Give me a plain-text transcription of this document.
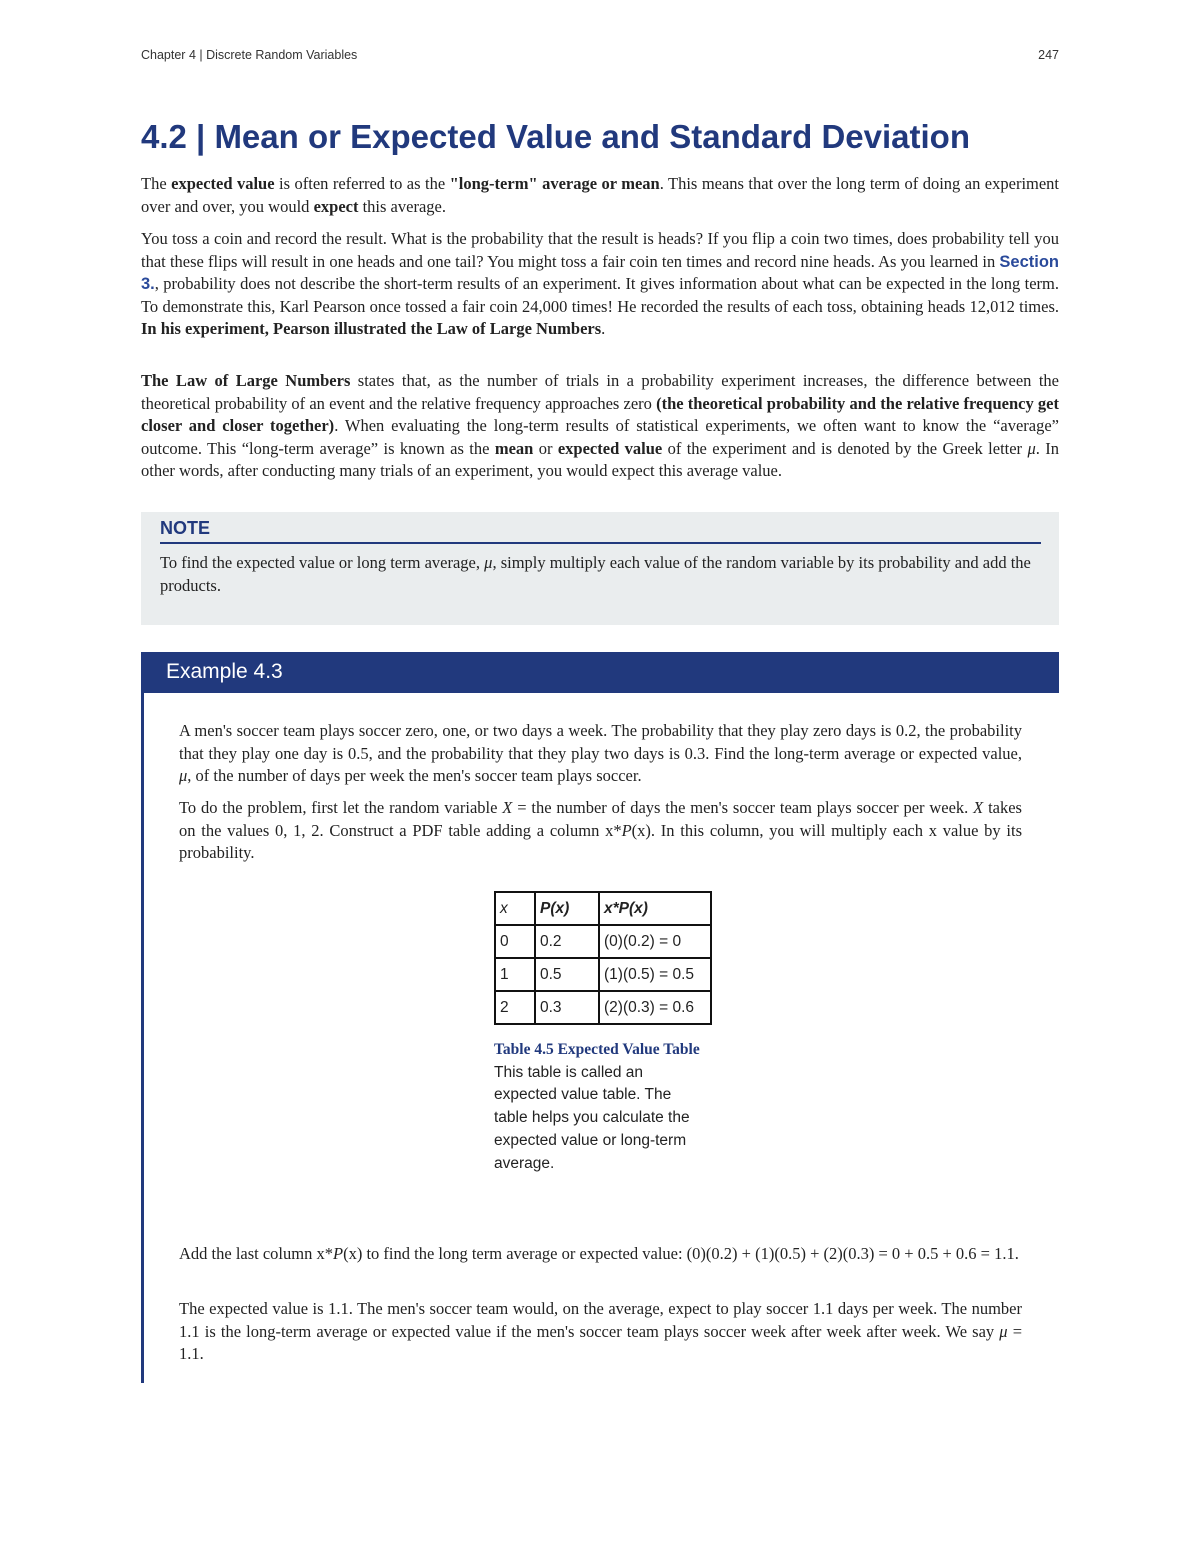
Chapter 4 | Discrete Random Variables	247
4.2 | Mean or Expected Value and Standard Deviation

The expected value is often referred to as the "long-term" average or mean. This means that over the long term of doing an experiment over and over, you would expect this average.

You toss a coin and record the result. What is the probability that the result is heads? If you flip a coin two times, does probability tell you that these flips will result in one heads and one tail? You might toss a fair coin ten times and record nine heads. As you learned in Section 3., probability does not describe the short-term results of an experiment. It gives information about what can be expected in the long term. To demonstrate this, Karl Pearson once tossed a fair coin 24,000 times! He recorded the results of each toss, obtaining heads 12,012 times. In his experiment, Pearson illustrated the Law of Large Numbers.

The Law of Large Numbers states that, as the number of trials in a probability experiment increases, the difference between the theoretical probability of an event and the relative frequency approaches zero (the theoretical probability and the relative frequency get closer and closer together). When evaluating the long-term results of statistical experiments, we often want to know the “average” outcome. This “long-term average” is known as the mean or expected value of the experiment and is denoted by the Greek letter μ. In other words, after conducting many trials of an experiment, you would expect this average value.

NOTE

To find the expected value or long term average, μ, simply multiply each value of the random variable by its probability and add the products.

Example 4.3

A men's soccer team plays soccer zero, one, or two days a week. The probability that they play zero days is 0.2, the probability that they play one day is 0.5, and the probability that they play two days is 0.3. Find the long-term average or expected value, μ, of the number of days per week the men's soccer team plays soccer.

To do the problem, first let the random variable X = the number of days the men's soccer team plays soccer per week. X takes on the values 0, 1, 2. Construct a PDF table adding a column x*P(x). In this column, you will multiply each x value by its probability.

x	P(x)	x*P(x)
0	0.2	(0)(0.2) = 0
1	0.5	(1)(0.5) = 0.5
2	0.3	(2)(0.3) = 0.6

Table 4.5 Expected Value Table This table is called an expected value table. The table helps you calculate the expected value or long-term average.

Add the last column x*P(x) to find the long term average or expected value: (0)(0.2) + (1)(0.5) + (2)(0.3) = 0 + 0.5 + 0.6 = 1.1.

The expected value is 1.1. The men's soccer team would, on the average, expect to play soccer 1.1 days per week. The number 1.1 is the long-term average or expected value if the men's soccer team plays soccer week after week after week. We say μ = 1.1.
